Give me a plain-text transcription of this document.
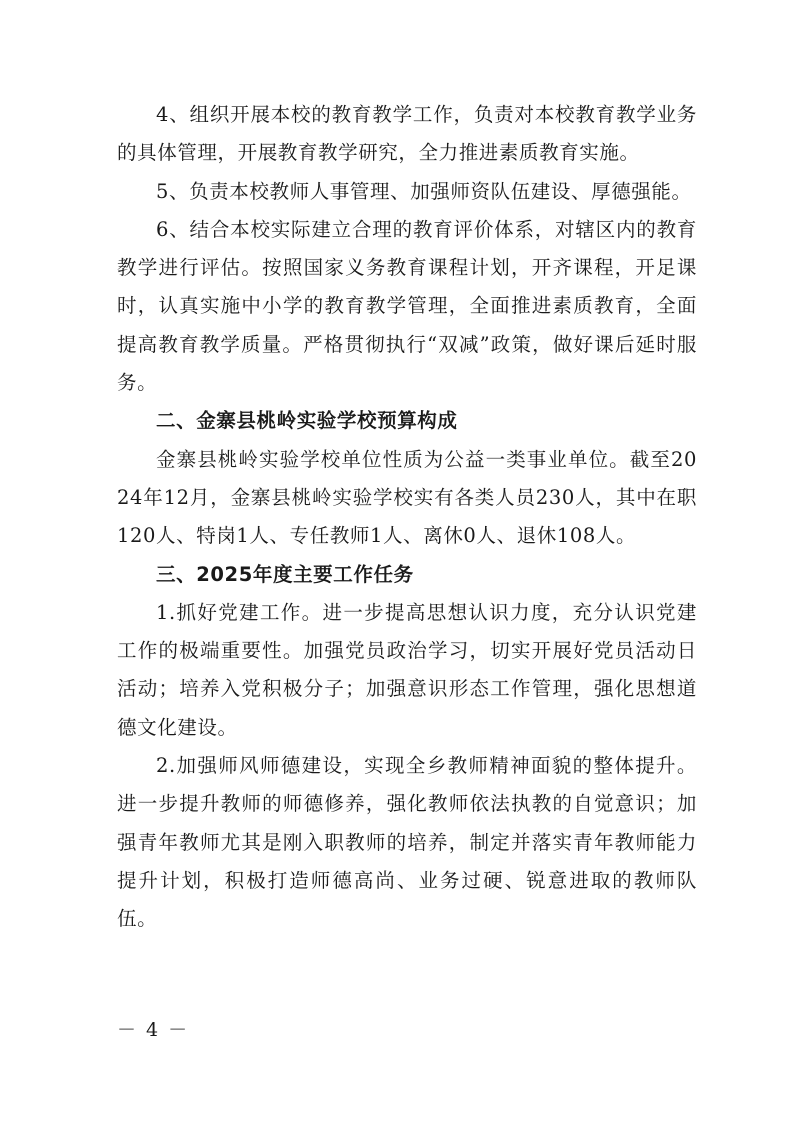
4、组织开展本校的教育教学工作，负责对本校教育教学业务的具体管理，开展教育教学研究，全力推进素质教育实施。

5、负责本校教师人事管理、加强师资队伍建设、厚德强能。

6、结合本校实际建立合理的教育评价体系，对辖区内的教育教学进行评估。按照国家义务教育课程计划，开齐课程，开足课时，认真实施中小学的教育教学管理，全面推进素质教育，全面提高教育教学质量。严格贯彻执行“双减”政策，做好课后延时服务。

二、金寨县桃岭实验学校预算构成

金寨县桃岭实验学校单位性质为公益一类事业单位。截至2024年12月，金寨县桃岭实验学校实有各类人员230人，其中在职120人、特岗1人、专任教师1人、离休0人、退休108人。

三、2025年度主要工作任务

1.抓好党建工作。进一步提高思想认识力度，充分认识党建工作的极端重要性。加强党员政治学习，切实开展好党员活动日活动；培养入党积极分子；加强意识形态工作管理，强化思想道德文化建设。

2.加强师风师德建设，实现全乡教师精神面貌的整体提升。进一步提升教师的师德修养，强化教师依法执教的自觉意识；加强青年教师尤其是刚入职教师的培养，制定并落实青年教师能力提升计划，积极打造师德高尚、业务过硬、锐意进取的教师队伍。

－ 4 －
